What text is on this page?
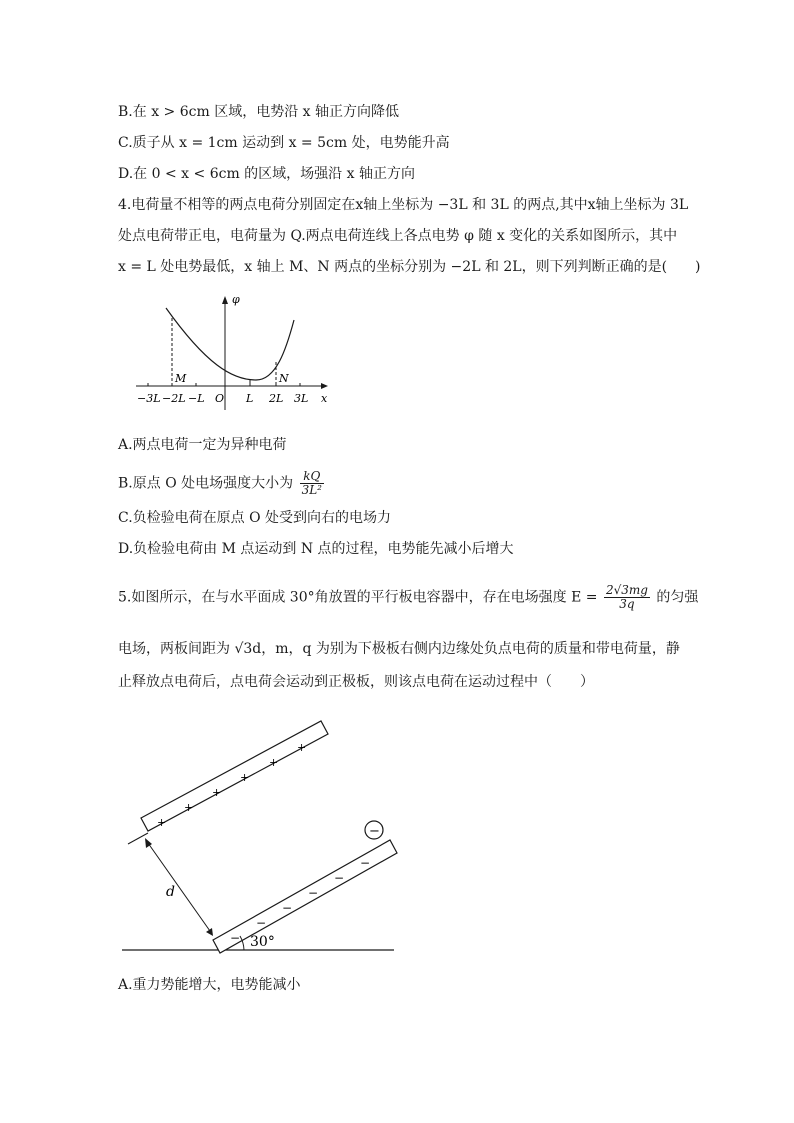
B.在 x > 6cm 区域，电势沿 x 轴正方向降低
C.质子从 x = 1cm 运动到 x = 5cm 处，电势能升高
D.在 0 < x < 6cm 的区域，场强沿 x 轴正方向
4.电荷量不相等的两点电荷分别固定在x轴上坐标为 −3L 和 3L 的两点,其中x轴上坐标为 3L
处点电荷带正电，电荷量为 Q.两点电荷连线上各点电势 φ 随 x 变化的关系如图所示，其中
x = L 处电势最低，x 轴上 M、N 两点的坐标分别为 −2L 和 2L，则下列判断正确的是(　　)
φ
x
−3L −2L −L O L 2L 3L
M	N
A.两点电荷一定为异种电荷
B.原点 O 处电场强度大小为 $\frac{kQ}{\text{3L²}}$
C.负检验电荷在原点 O 处受到向右的电场力
D.负检验电荷由 M 点运动到 N 点的过程，电势能先减小后增大
5.如图所示，在与水平面成 30°角放置的平行板电容器中，存在电场强度 $E = \frac{2√3mg}{3q}$ 的匀强
电场，两板间距为 √3d，m，q 为别为下极板右侧内边缘处负点电荷的质量和带电荷量，静
止释放点电荷后，点电荷会运动到正极板，则该点电荷在运动过程中（　　）
+
+
+
+
+
+
−
−
−
−
−
−
−
d
30°
A.重力势能增大，电势能减小
